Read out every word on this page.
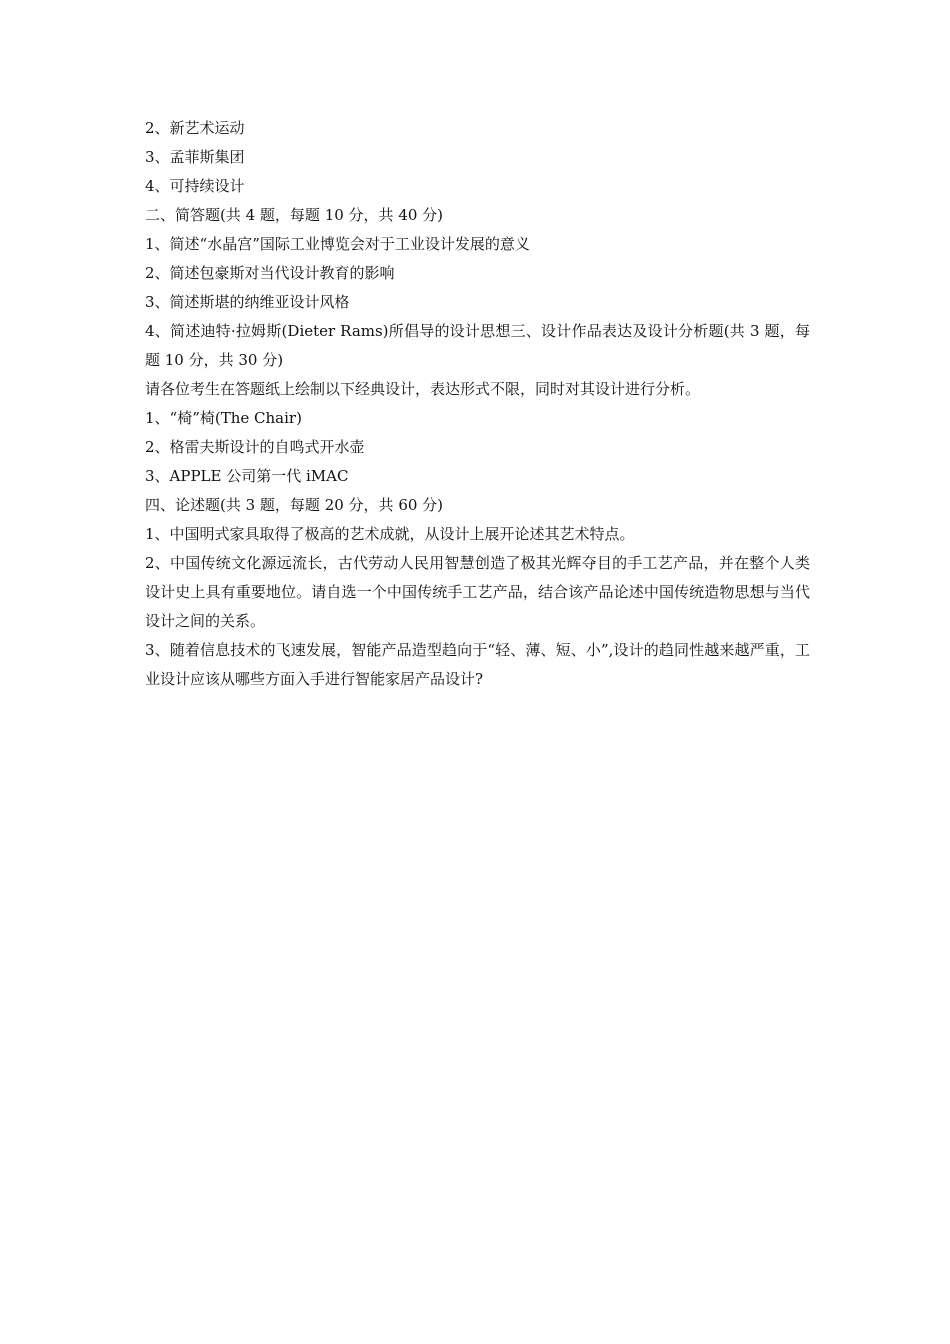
2、新艺术运动

3、孟菲斯集团

4、可持续设计

二、简答题(共 4 题，每题 10 分，共 40 分)

1、简述“水晶宫”国际工业博览会对于工业设计发展的意义

2、简述包豪斯对当代设计教育的影响

3、简述斯堪的纳维亚设计风格

4、简述迪特·拉姆斯(Dieter Rams)所倡导的设计思想三、设计作品表达及设计分析题(共 3 题，每题 10 分，共 30 分)

请各位考生在答题纸上绘制以下经典设计，表达形式不限，同时对其设计进行分析。

1、“椅”椅(The Chair)

2、格雷夫斯设计的自鸣式开水壶

3、APPLE 公司第一代 iMAC

四、论述题(共 3 题，每题 20 分，共 60 分)

1、中国明式家具取得了极高的艺术成就，从设计上展开论述其艺术特点。

2、中国传统文化源远流长，古代劳动人民用智慧创造了极其光辉夺目的手工艺产品，并在整个人类设计史上具有重要地位。请自选一个中国传统手工艺产品，结合该产品论述中国传统造物思想与当代设计之间的关系。

3、随着信息技术的飞速发展，智能产品造型趋向于“轻、薄、短、小”,设计的趋同性越来越严重，工业设计应该从哪些方面入手进行智能家居产品设计?
